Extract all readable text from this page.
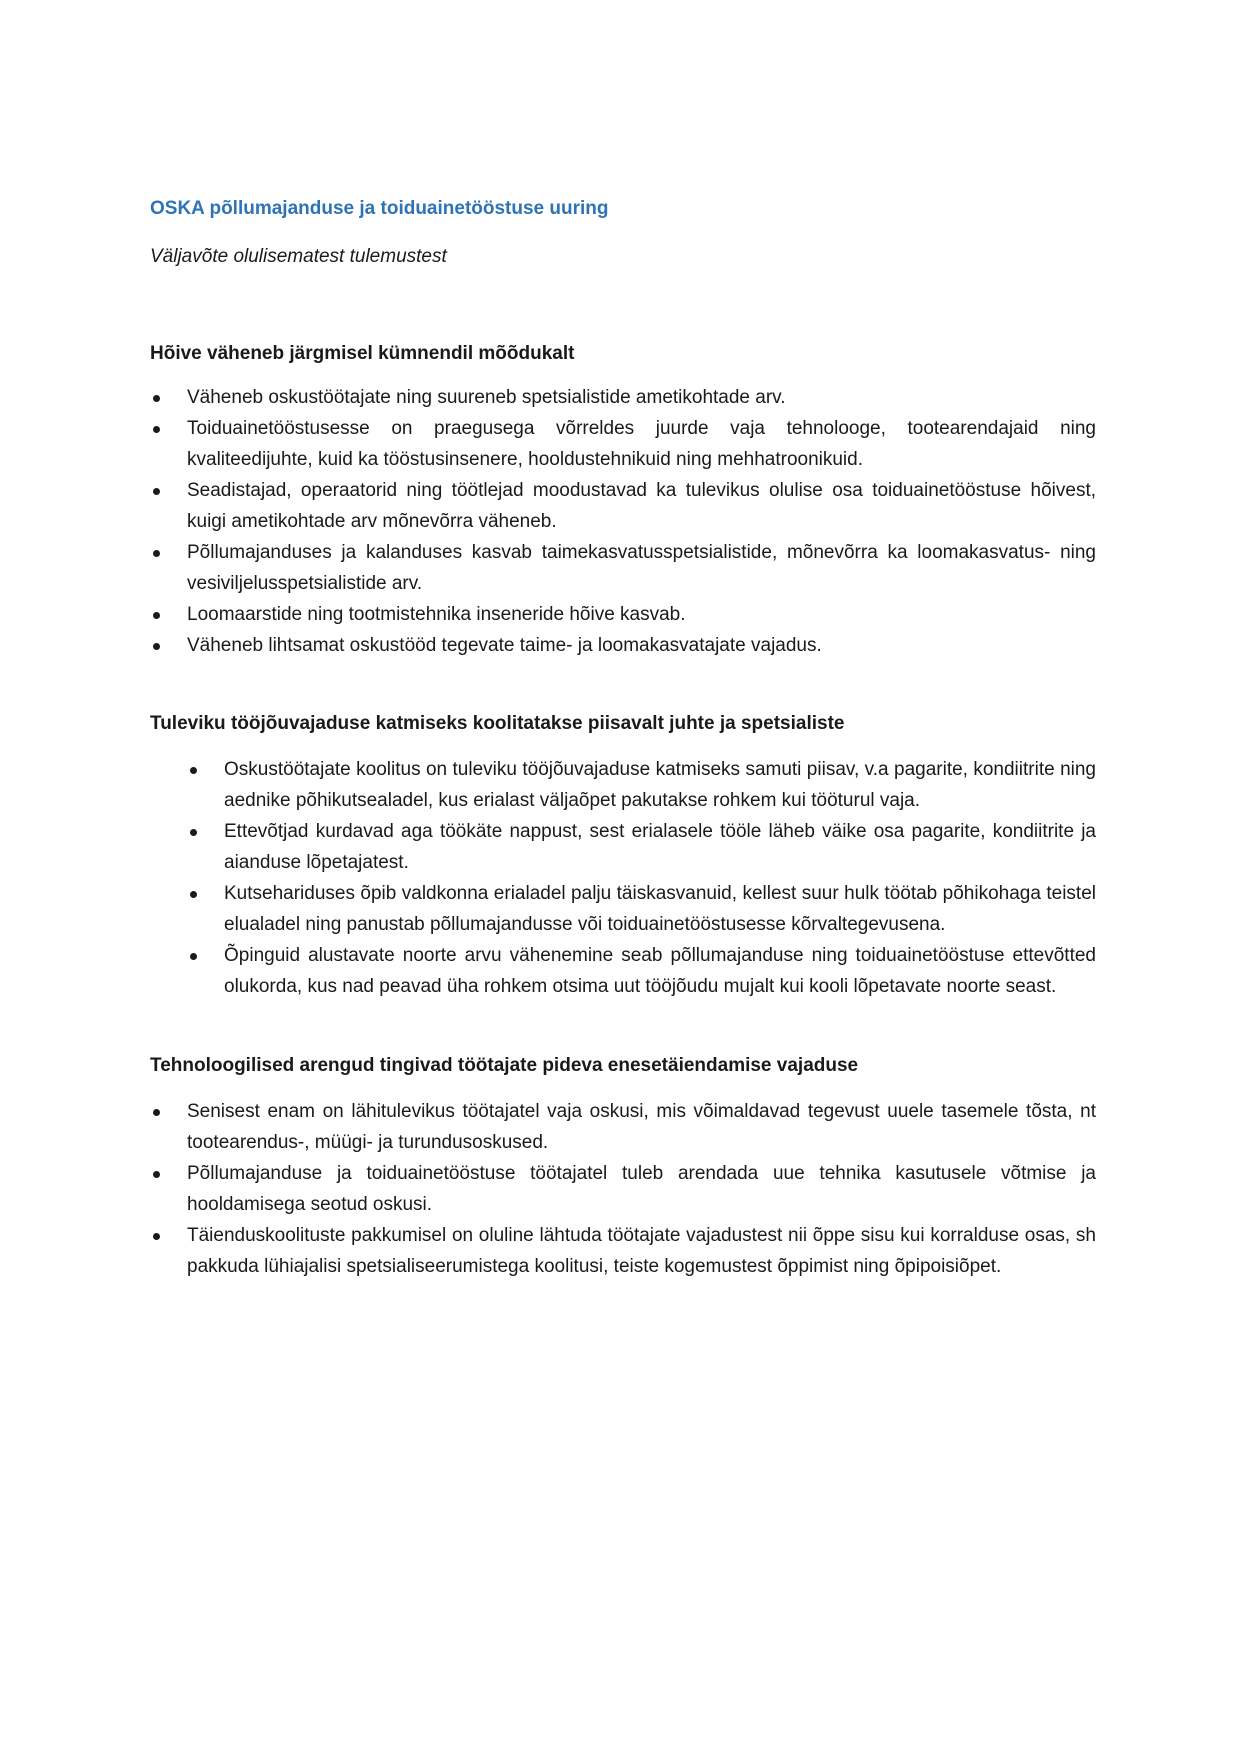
OSKA põllumajanduse ja toiduainetööstuse uuring

Väljavõte olulisematest tulemustest

Hõive väheneb järgmisel kümnendil mõõdukalt

Väheneb oskustöötajate ning suureneb spetsialistide ametikohtade arv.
Toiduainetööstusesse on praegusega võrreldes juurde vaja tehnolooge, tootearendajaid ning kvaliteedijuhte, kuid ka tööstusinsenere, hooldustehnikuid ning mehhatroonikuid.
Seadistajad, operaatorid ning töötlejad moodustavad ka tulevikus olulise osa toiduainetööstuse hõivest, kuigi ametikohtade arv mõnevõrra väheneb.
Põllumajanduses ja kalanduses kasvab taimekasvatusspetsialistide, mõnevõrra ka loomakasvatus- ning vesiviljelusspetsialistide arv.
Loomaarstide ning tootmistehnika inseneride hõive kasvab.
Väheneb lihtsamat oskustööd tegevate taime- ja loomakasvatajate vajadus.

Tuleviku tööjõuvajaduse katmiseks koolitatakse piisavalt juhte ja spetsialiste

Oskustöötajate koolitus on tuleviku tööjõuvajaduse katmiseks samuti piisav, v.a pagarite, kondiitrite ning aednike põhikutsealadel, kus erialast väljaõpet pakutakse rohkem kui tööturul vaja.
Ettevõtjad kurdavad aga töökäte nappust, sest erialasele tööle läheb väike osa pagarite, kondiitrite ja aianduse lõpetajatest.
Kutsehariduses õpib valdkonna erialadel palju täiskasvanuid, kellest suur hulk töötab põhikohaga teistel elualadel ning panustab põllumajandusse või toiduainetööstusesse kõrvaltegevusena.
Õpinguid alustavate noorte arvu vähenemine seab põllumajanduse ning toiduainetööstuse ettevõtted olukorda, kus nad peavad üha rohkem otsima uut tööjõudu mujalt kui kooli lõpetavate noorte seast.

Tehnoloogilised arengud tingivad töötajate pideva enesetäiendamise vajaduse

Senisest enam on lähitulevikus töötajatel vaja oskusi, mis võimaldavad tegevust uuele tasemele tõsta, nt tootearendus-, müügi- ja turundusoskused.
Põllumajanduse ja toiduainetööstuse töötajatel tuleb arendada uue tehnika kasutusele võtmise ja hooldamisega seotud oskusi.
Täienduskoolituste pakkumisel on oluline lähtuda töötajate vajadustest nii õppe sisu kui korralduse osas, sh pakkuda lühiajalisi spetsialiseerumistega koolitusi, teiste kogemustest õppimist ning õpipoisiõpet.
